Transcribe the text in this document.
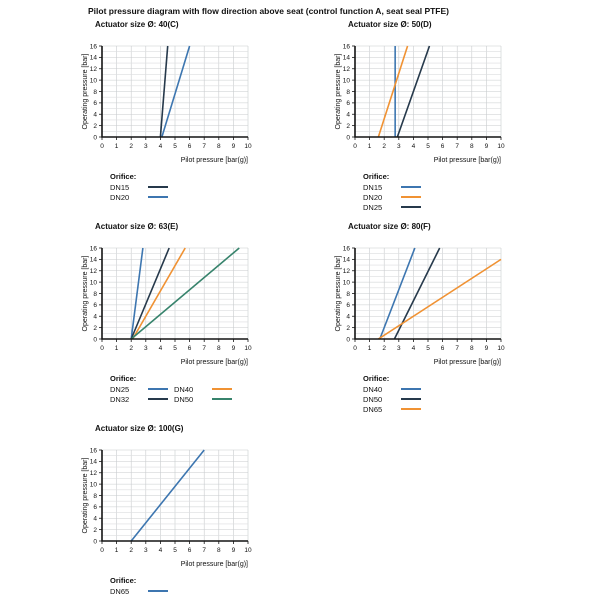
Pilot pressure diagram with flow direction above seat (control function A, seat seal PTFE)
Actuator size Ø: 40(C)
0 1 2 3 4 5 6 7 8 9 10
0
2
4
6
8
10
12
14
16
Pilot pressure [bar(g)]
Operating pressure [bar]
Orifice:
DN15
DN20
Actuator size Ø: 50(D)
0 1 2 3 4 5 6 7 8 9 10
0
2
4
6
8
10
12
14
16
Pilot pressure [bar(g)]
Operating pressure [bar]
Orifice:
DN15
DN20
DN25
Actuator size Ø: 63(E)
0 1 2 3 4 5 6 7 8 9 10
0
2
4
6
8
10
12
14
16
Pilot pressure [bar(g)]
Operating pressure [bar]
Orifice:
DN25
DN32
DN40
DN50
Actuator size Ø: 80(F)
0 1 2 3 4 5 6 7 8 9 10
0
2
4
6
8
10
12
14
16
Pilot pressure [bar(g)]
Operating pressure [bar]
Orifice:
DN40
DN50
DN65
Actuator size Ø: 100(G)
0 1 2 3 4 5 6 7 8 9 10
0
2
4
6
8
10
12
14
16
Pilot pressure [bar(g)]
Operating pressure [bar]
Orifice:
DN65
